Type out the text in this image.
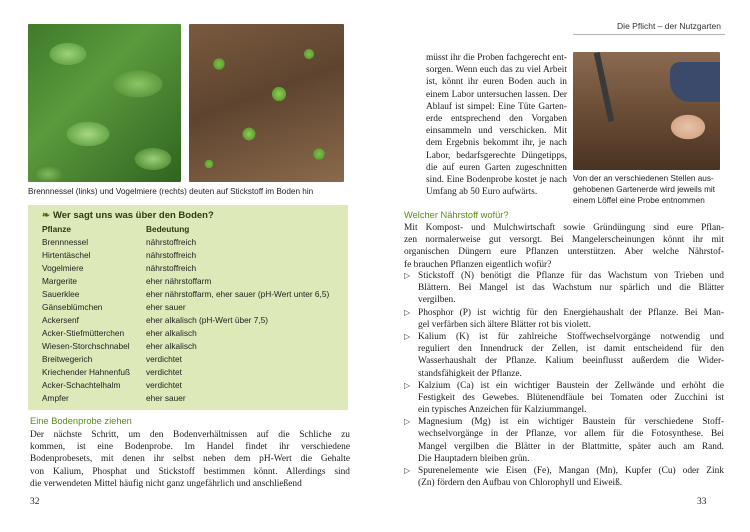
Brennnessel (links) und Vogelmiere (rechts) deuten auf Stickstoff im Boden hin
❧ Wer sagt uns was über den Boden?
Pflanze	Bedeutung
Brennnessel	nährstoffreich
Hirtentäschel	nährstoffreich
Vogelmiere	nährstoffreich
Margerite	eher nährstoffarm
Sauerklee	eher nährstoffarm, eher sauer (pH-Wert unter 6,5)
Gänseblümchen	eher sauer
Ackersenf	eher alkalisch (pH-Wert über 7,5)
Acker-Stiefmütterchen	eher alkalisch
Wiesen-Storchschnabel	eher alkalisch
Breitwegerich	verdichtet
Kriechender Hahnenfuß	verdichtet
Acker-Schachtelhalm	verdichtet
Ampfer	eher sauer
Eine Bodenprobe ziehen
Der nächste Schritt, um den Bodenverhältnissen auf die Schliche zu
kommen, ist eine Bodenprobe. Im Handel findet ihr verschiedene
Bodenprobesets, mit denen ihr selbst neben dem pH-Wert die Gehalte
von Kalium, Phosphat und Stickstoff bestimmen könnt. Allerdings sind
die verwendeten Mittel häufig nicht ganz ungefährlich und anschließend
32
Die Pflicht – der Nutzgarten
müsst ihr die Proben fachgerecht ent-
sorgen. Wenn euch das zu viel Arbeit
ist, könnt ihr euren Boden auch in
einem Labor untersuchen lassen. Der
Ablauf ist simpel: Eine Tüte Garten-
erde entsprechend den Vorgaben
einsammeln und verschicken. Mit
dem Ergebnis bekommt ihr, je nach
Labor, bedarfsgerechte Düngetipps,
die auf euren Garten zugeschnitten
sind. Eine Bodenprobe kostet je nach
Umfang ab 50 Euro aufwärts.
Von der an verschiedenen Stellen ausgehobenen Gartenerde wird jeweils mit einem Löffel eine Probe entnommen
Welcher Nährstoff wofür?
Mit Kompost- und Mulchwirtschaft sowie Gründüngung sind eure Pflan-
zen normalerweise gut versorgt. Bei Mangelerscheinungen könnt ihr mit
organischen Düngern eure Pflanzen unterstützen. Aber welche Nährstof-
fe brauchen Pflanzen eigentlich wofür?
▷ Stickstoff (N) benötigt die Pflanze für das Wachstum von Trieben und
Blättern. Bei Mangel ist das Wachstum nur spärlich und die Blätter
vergilben.
▷ Phosphor (P) ist wichtig für den Energiehaushalt der Pflanze. Bei Man-
gel verfärben sich ältere Blätter rot bis violett.
▷ Kalium (K) ist für zahlreiche Stoffwechselvorgänge notwendig und
reguliert den Innendruck der Zellen, ist damit entscheidend für den
Wasserhaushalt der Pflanze. Kalium beeinflusst außerdem die Wider-
standsfähigkeit der Pflanze.
▷ Kalzium (Ca) ist ein wichtiger Baustein der Zellwände und erhöht die
Festigkeit des Gewebes. Blütenendfäule bei Tomaten oder Zucchini ist
ein typisches Anzeichen für Kalziummangel.
▷ Magnesium (Mg) ist ein wichtiger Baustein für verschiedene Stoff-
wechselvorgänge in der Pflanze, vor allem für die Fotosynthese. Bei
Mangel vergilben die Blätter in der Blattmitte, später auch am Rand.
Die Hauptadern bleiben grün.
▷ Spurenelemente wie Eisen (Fe), Mangan (Mn), Kupfer (Cu) oder Zink
(Zn) fördern den Aufbau von Chlorophyll und Eiweiß.
33
